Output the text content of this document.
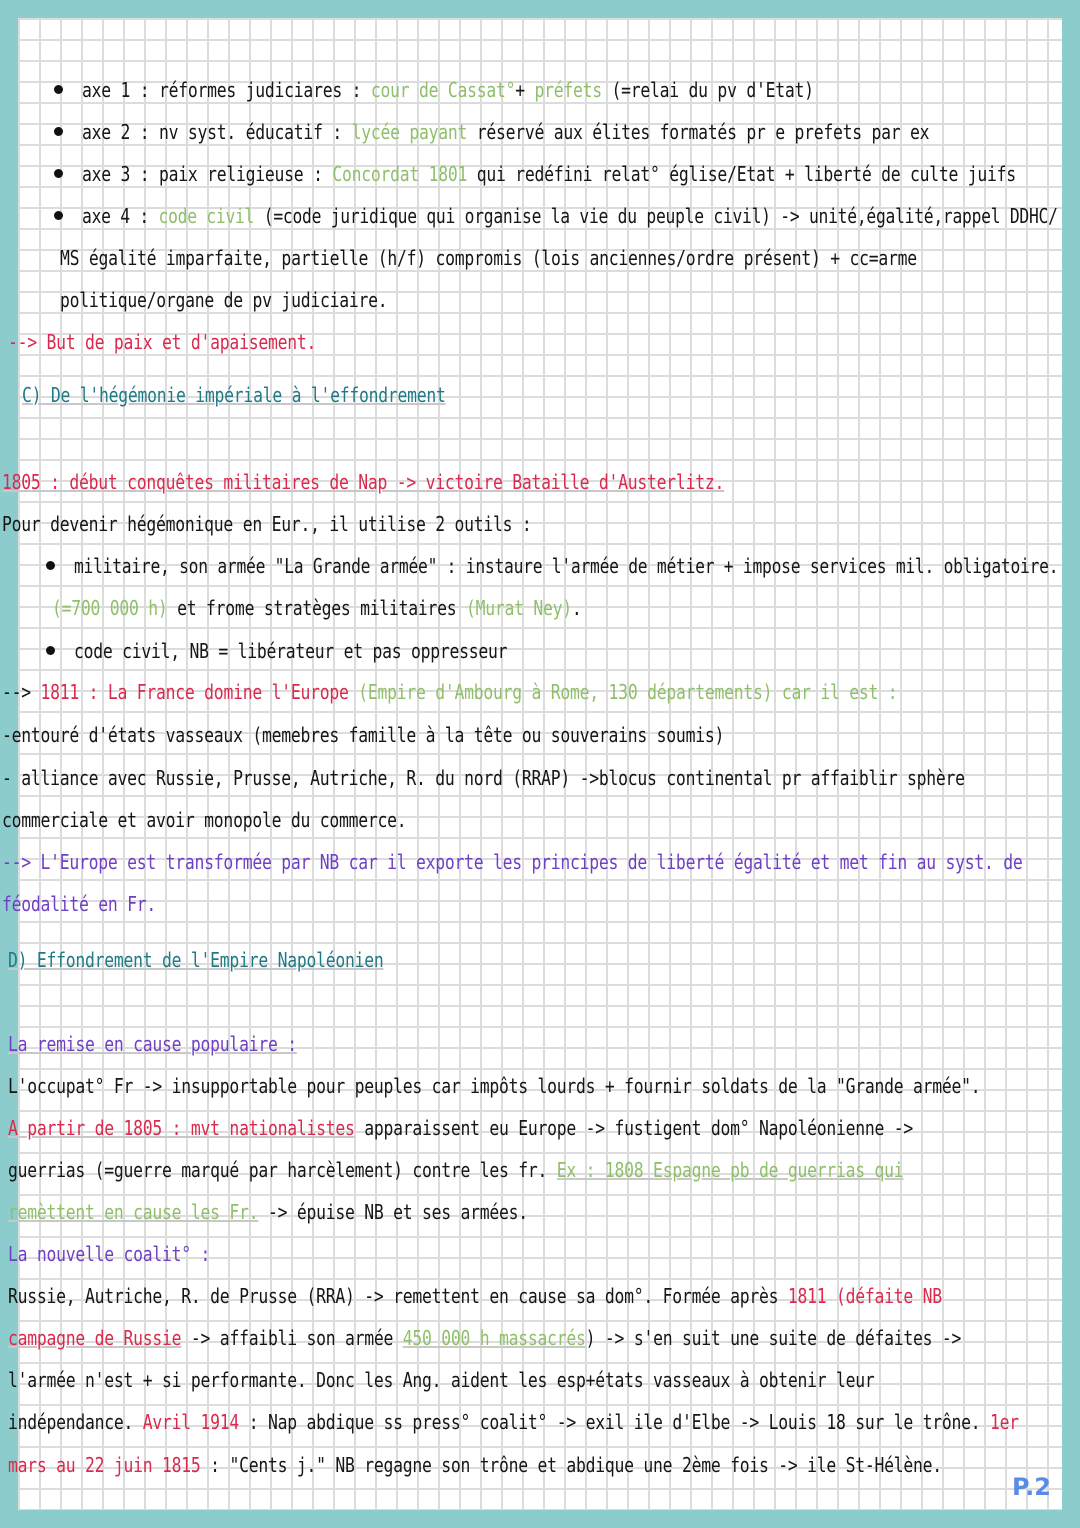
axe 1 : réformes judiciares : cour de Cassat°+ préfets (=relai du pv d'Etat)
axe 2 : nv syst. éducatif : lycée payant réservé aux élites formatés pr e prefets par ex
axe 3 : paix religieuse : Concordat 1801 qui redéfini relat° église/Etat + liberté de culte juifs
axe 4 : code civil (=code juridique qui organise la vie du peuple civil) -> unité,égalité,rappel DDHC/
MS égalité imparfaite, partielle (h/f) compromis (lois anciennes/ordre présent) + cc=arme
politique/organe de pv judiciaire.
--> But de paix et d'apaisement.
C) De l'hégémonie impériale à l'effondrement
1805 : début conquêtes militaires de Nap -> victoire Bataille d'Austerlitz.
Pour devenir hégémonique en Eur., il utilise 2 outils :
militaire, son armée "La Grande armée" : instaure l'armée de métier + impose services mil. obligatoire.
(=700 000 h) et frome stratèges militaires (Murat Ney).
code civil, NB = libérateur et pas oppresseur
--> 1811 : La France domine l'Europe (Empire d'Ambourg à Rome, 130 départements) car il est :
-entouré d'états vasseaux (memebres famille à la tête ou souverains soumis)
- alliance avec Russie, Prusse, Autriche, R. du nord (RRAP) ->blocus continental pr affaiblir sphère
commerciale et avoir monopole du commerce.
--> L'Europe est transformée par NB car il exporte les principes de liberté égalité et met fin au syst. de
féodalité en Fr.
D) Effondrement de l'Empire Napoléonien
La remise en cause populaire :
L'occupat° Fr -> insupportable pour peuples car impôts lourds + fournir soldats de la "Grande armée".
A partir de 1805 : mvt nationalistes apparaissent eu Europe -> fustigent dom° Napoléonienne ->
guerrias (=guerre marqué par harcèlement) contre les fr. Ex : 1808 Espagne pb de guerrias qui
remèttent en cause les Fr. -> épuise NB et ses armées.
La nouvelle coalit° :
Russie, Autriche, R. de Prusse (RRA) -> remettent en cause sa dom°. Formée après 1811 (défaite NB
campagne de Russie -> affaibli son armée 450 000 h massacrés) -> s'en suit une suite de défaites ->
l'armée n'est + si performante. Donc les Ang. aident les esp+états vasseaux à obtenir leur
indépendance. Avril 1914 : Nap abdique ss press° coalit° -> exil ile d'Elbe -> Louis 18 sur le trône. 1er
mars au 22 juin 1815 : "Cents j." NB regagne son trône et abdique une 2ème fois -> ile St-Hélène.
P.2
